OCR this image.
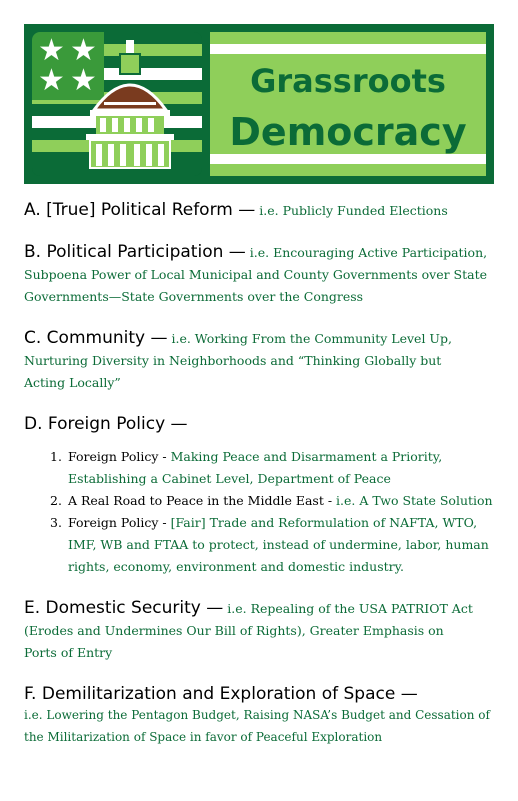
★ ★
★ ★	Grassroots
Democracy
A. [True] Political Reform — i.e. Publicly Funded Elections
B. Political Participation — i.e. Encouraging Active Participation,
Subpoena Power of Local Municipal and County Governments over State
Governments—State Governments over the Congress
C. Community — i.e. Working From the Community Level Up,
Nurturing Diversity in Neighborhoods and “Thinking Globally but
Acting Locally”
D. Foreign Policy —
1. Foreign Policy - Making Peace and Disarmament a Priority,
Establishing a Cabinet Level, Department of Peace
2. A Real Road to Peace in the Middle East - i.e. A Two State Solution
3. Foreign Policy - [Fair] Trade and Reformulation of NAFTA, WTO,
IMF, WB and FTAA to protect, instead of undermine, labor, human
rights, economy, environment and domestic industry.
E. Domestic Security — i.e. Repealing of the USA PATRIOT Act
(Erodes and Undermines Our Bill of Rights), Greater Emphasis on
Ports of Entry
F. Demilitarization and Exploration of Space —
i.e. Lowering the Pentagon Budget, Raising NASA’s Budget and Cessation of
the Militarization of Space in favor of Peaceful Exploration
